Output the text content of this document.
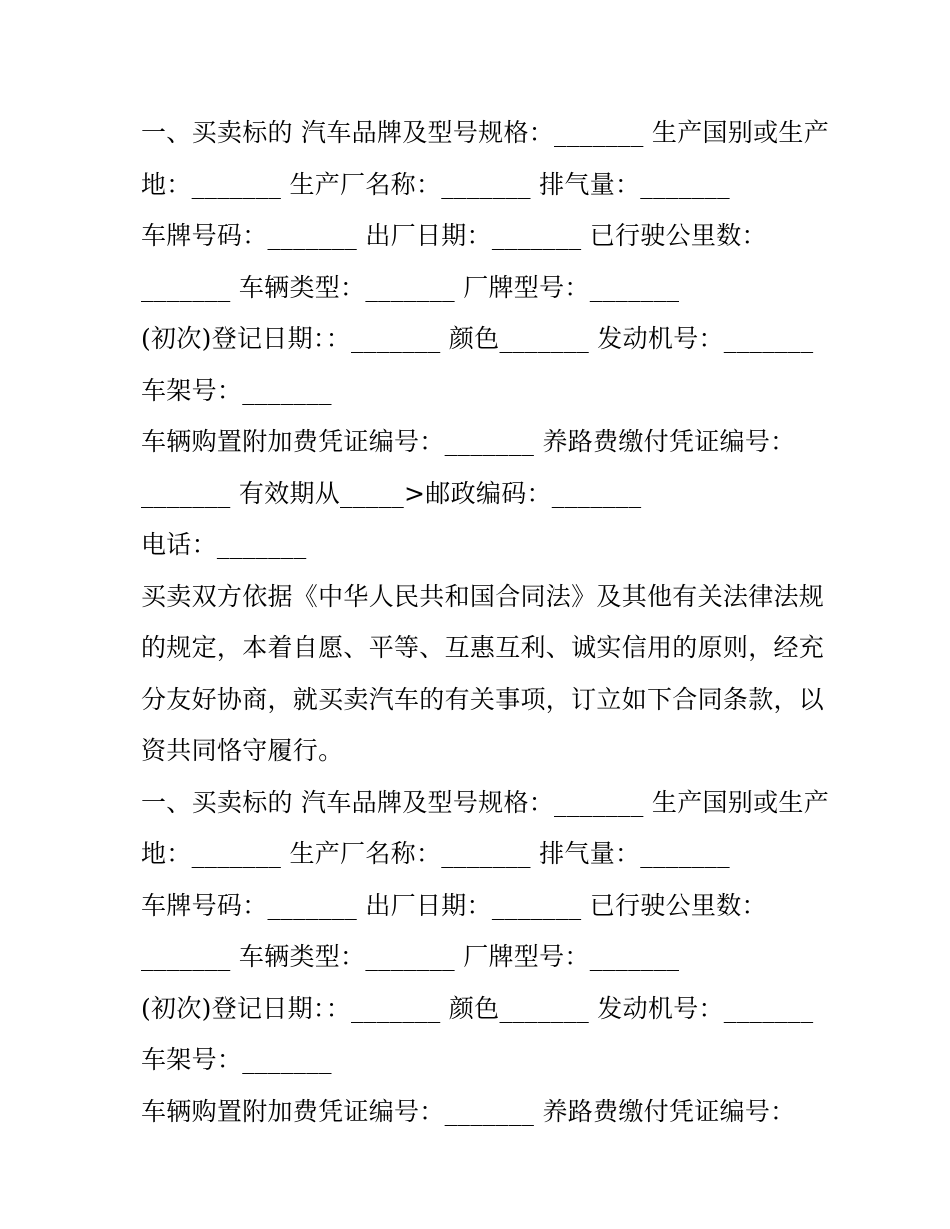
一、买卖标的 汽车品牌及型号规格：_______ 生产国别或生产
地：_______ 生产厂名称：_______ 排气量：_______
车牌号码：_______ 出厂日期：_______ 已行驶公里数：
_______ 车辆类型：_______ 厂牌型号：_______
(初次)登记日期：：_______ 颜色_______ 发动机号：_______
车架号：_______
车辆购置附加费凭证编号：_______ 养路费缴付凭证编号：
_______ 有效期从_____>邮政编码：_______
电话：_______
买卖双方依据《中华人民共和国合同法》及其他有关法律法规
的规定，本着自愿、平等、互惠互利、诚实信用的原则，经充
分友好协商，就买卖汽车的有关事项，订立如下合同条款，以
资共同恪守履行。
一、买卖标的 汽车品牌及型号规格：_______ 生产国别或生产
地：_______ 生产厂名称：_______ 排气量：_______
车牌号码：_______ 出厂日期：_______ 已行驶公里数：
_______ 车辆类型：_______ 厂牌型号：_______
(初次)登记日期：：_______ 颜色_______ 发动机号：_______
车架号：_______
车辆购置附加费凭证编号：_______ 养路费缴付凭证编号：
